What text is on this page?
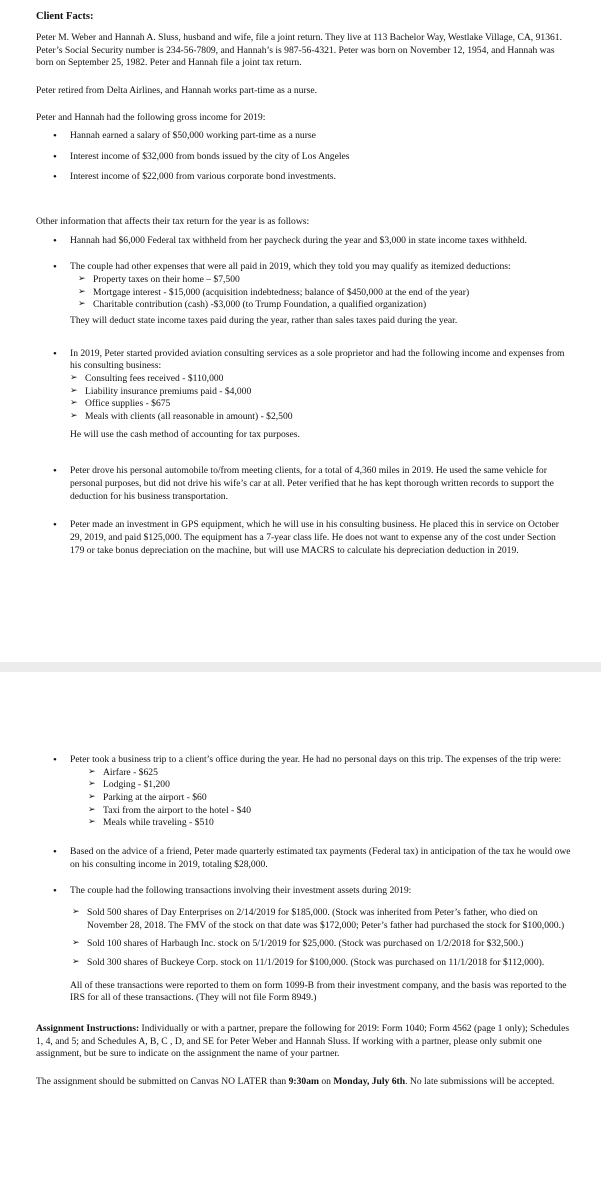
Client Facts:

Peter M. Weber and Hannah A. Sluss, husband and wife, file a joint return. They live at 113 Bachelor Way, Westlake Village, CA, 91361. Peter’s Social Security number is 234-56-7809, and Hannah’s is 987-56-4321. Peter was born on November 12, 1954, and Hannah was born on September 25, 1982. Peter and Hannah file a joint tax return.

Peter retired from Delta Airlines, and Hannah works part-time as a nurse.

Peter and Hannah had the following gross income for 2019:

• Hannah earned a salary of $50,000 working part-time as a nurse
• Interest income of $32,000 from bonds issued by the city of Los Angeles
• Interest income of $22,000 from various corporate bond investments.

Other information that affects their tax return for the year is as follows:

• Hannah had $6,000 Federal tax withheld from her paycheck during the year and $3,000 in state income taxes withheld.
• The couple had other expenses that were all paid in 2019, which they told you may qualify as itemized deductions:
➢ Property taxes on their home – $7,500
➢ Mortgage interest - $15,000 (acquisition indebtedness; balance of $450,000 at the end of the year)
➢ Charitable contribution (cash) -$3,000 (to Trump Foundation, a qualified organization)
They will deduct state income taxes paid during the year, rather than sales taxes paid during the year.
• In 2019, Peter started provided aviation consulting services as a sole proprietor and had the following income and expenses from his consulting business:
➢ Consulting fees received - $110,000
➢ Liability insurance premiums paid - $4,000
➢ Office supplies - $675
➢ Meals with clients (all reasonable in amount) - $2,500
He will use the cash method of accounting for tax purposes.
• Peter drove his personal automobile to/from meeting clients, for a total of 4,360 miles in 2019. He used the same vehicle for personal purposes, but did not drive his wife’s car at all. Peter verified that he has kept thorough written records to support the deduction for his business transportation.
• Peter made an investment in GPS equipment, which he will use in his consulting business. He placed this in service on October 29, 2019, and paid $125,000. The equipment has a 7-year class life. He does not want to expense any of the cost under Section 179 or take bonus depreciation on the machine, but will use MACRS to calculate his depreciation deduction in 2019.
• Peter took a business trip to a client’s office during the year. He had no personal days on this trip. The expenses of the trip were:
➢ Airfare - $625
➢ Lodging - $1,200
➢ Parking at the airport - $60
➢ Taxi from the airport to the hotel - $40
➢ Meals while traveling - $510
• Based on the advice of a friend, Peter made quarterly estimated tax payments (Federal tax) in anticipation of the tax he would owe on his consulting income in 2019, totaling $28,000.
• The couple had the following transactions involving their investment assets during 2019:
➢ Sold 500 shares of Day Enterprises on 2/14/2019 for $185,000. (Stock was inherited from Peter’s father, who died on November 28, 2018. The FMV of the stock on that date was $172,000; Peter’s father had purchased the stock for $100,000.)
➢ Sold 100 shares of Harbaugh Inc. stock on 5/1/2019 for $25,000. (Stock was purchased on 1/2/2018 for $32,500.)
➢ Sold 300 shares of Buckeye Corp. stock on 11/1/2019 for $100,000. (Stock was purchased on 11/1/2018 for $112,000).
All of these transactions were reported to them on form 1099-B from their investment company, and the basis was reported to the IRS for all of these transactions. (They will not file Form 8949.)

Assignment Instructions: Individually or with a partner, prepare the following for 2019: Form 1040; Form 4562 (page 1 only); Schedules 1, 4, and 5; and Schedules A, B, C , D, and SE for Peter Weber and Hannah Sluss. If working with a partner, please only submit one assignment, but be sure to indicate on the assignment the name of your partner.

The assignment should be submitted on Canvas NO LATER than 9:30am on Monday, July 6th. No late submissions will be accepted.
